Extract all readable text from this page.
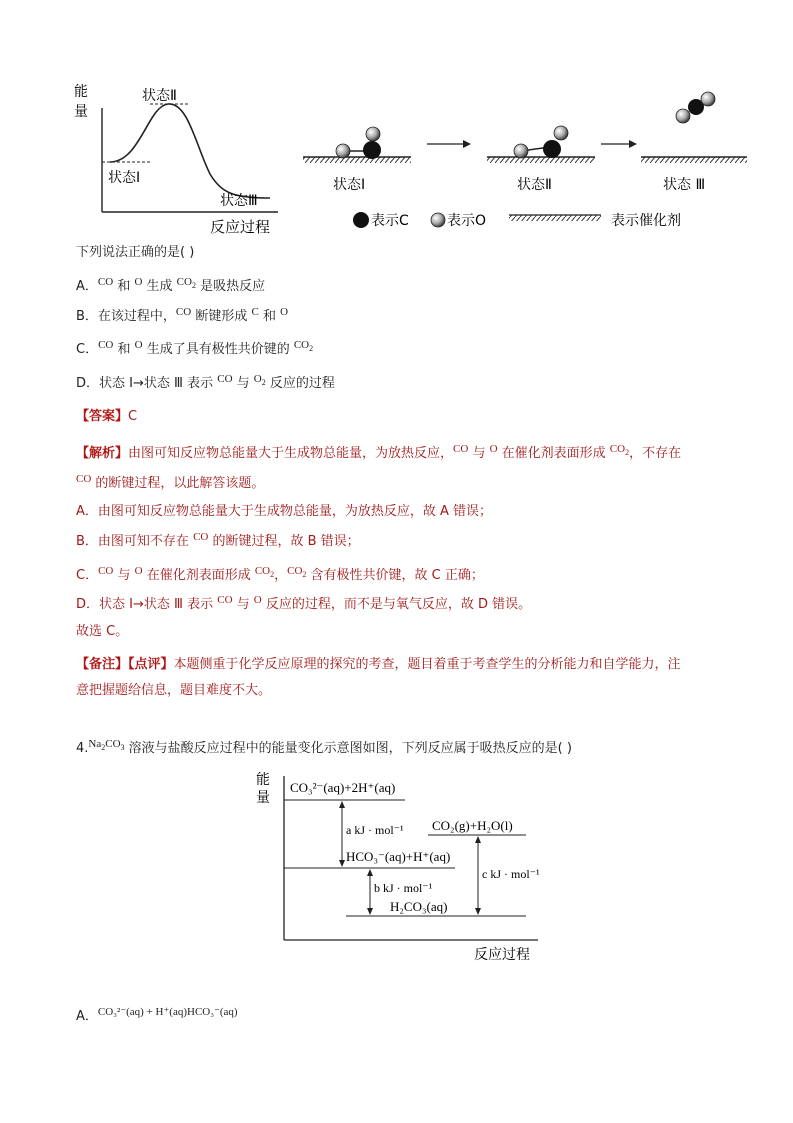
能
量
状态Ⅱ
状态Ⅰ
状态Ⅲ
反应过程
状态Ⅰ	状态Ⅱ	状态 Ⅲ
表示C	表示O	表示催化剂
下列说法正确的是( )
A．$^{CO}$ 和 $^O$ 生成 $^{CO_2}$ 是吸热反应
B．在该过程中，$^{CO}$ 断键形成 $^C$ 和 $^O$
C．$^{CO}$ 和 $^O$ 生成了具有极性共价键的 $^{CO_2}$
D．状态 Ⅰ→状态 Ⅲ 表示 $^{CO}$ 与 $^{O_2}$ 反应的过程
【答案】C
【解析】由图可知反应物总能量大于生成物总能量，为放热反应，$^{CO}$ 与 $^O$ 在催化剂表面形成 $^{CO_2}$，不存在
$^{CO}$ 的断键过程，以此解答该题。
A．由图可知反应物总能量大于生成物总能量，为放热反应，故 A 错误；
B．由图可知不存在 $^{CO}$ 的断键过程，故 B 错误；
C．$^{CO}$ 与 $^O$ 在催化剂表面形成 $^{CO_2}$，$^{CO_2}$ 含有极性共价键，故 C 正确；
D．状态 Ⅰ→状态 Ⅲ 表示 $^{CO}$ 与 $^O$ 反应的过程，而不是与氧气反应，故 D 错误。
故选 C。
【备注】【点评】本题侧重于化学反应原理的探究的考查，题目着重于考查学生的分析能力和自学能力，注
意把握题给信息，题目难度不大。
4.$^{Na_2CO_3}$ 溶液与盐酸反应过程中的能量变化示意图如图，下列反应属于吸热反应的是( )
能
量
CO₃²⁻(aq)+2H⁺(aq)
CO₂(g)+H₂O(l)
HCO₃⁻(aq)+H⁺(aq)
H₂CO₃(aq)
a kJ · mol⁻¹
b kJ · mol⁻¹
c kJ · mol⁻¹
反应过程
A．$^{CO_3^{2-}(aq) + H^+(aq)HCO_3^-(aq)}$
